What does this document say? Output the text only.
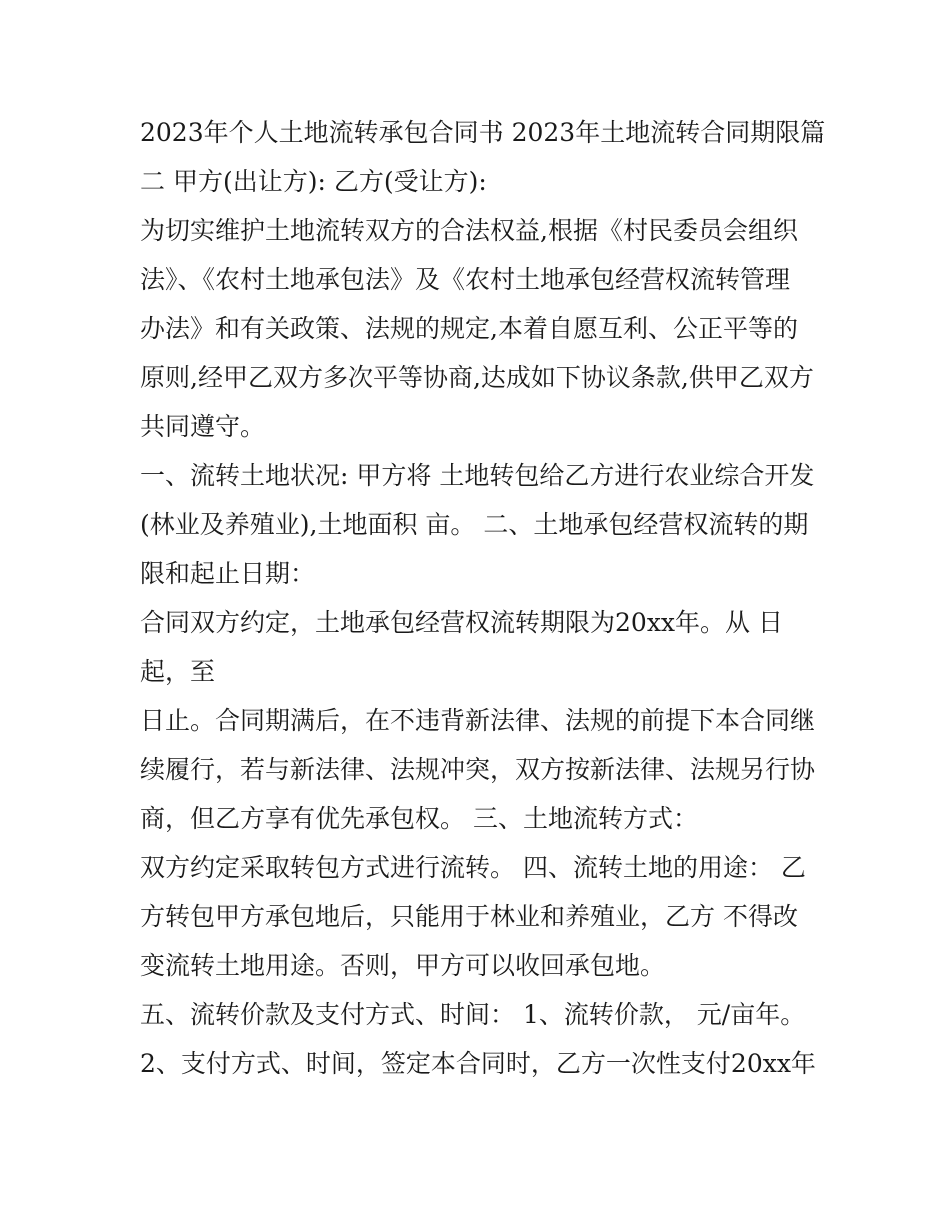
2023年个人土地流转承包合同书 2023年土地流转合同期限篇
二 甲方(出让方): 乙方(受让方):
为切实维护土地流转双方的合法权益,根据《村民委员会组织
法》、《农村土地承包法》及《农村土地承包经营权流转管理
办法》和有关政策、法规的规定,本着自愿互利、公正平等的
原则,经甲乙双方多次平等协商,达成如下协议条款,供甲乙双方
共同遵守。
一、流转土地状况: 甲方将 土地转包给乙方进行农业综合开发
(林业及养殖业),土地面积 亩。 二、土地承包经营权流转的期
限和起止日期：
合同双方约定，土地承包经营权流转期限为20xx年。从 日
起，至
日止。合同期满后，在不违背新法律、法规的前提下本合同继
续履行，若与新法律、法规冲突，双方按新法律、法规另行协
商，但乙方享有优先承包权。 三、土地流转方式：
双方约定采取转包方式进行流转。 四、流转土地的用途： 乙
方转包甲方承包地后，只能用于林业和养殖业，乙方 不得改
变流转土地用途。否则，甲方可以收回承包地。
五、流转价款及支付方式、时间： 1、流转价款， 元/亩年。
2、支付方式、时间，签定本合同时，乙方一次性支付20xx年
